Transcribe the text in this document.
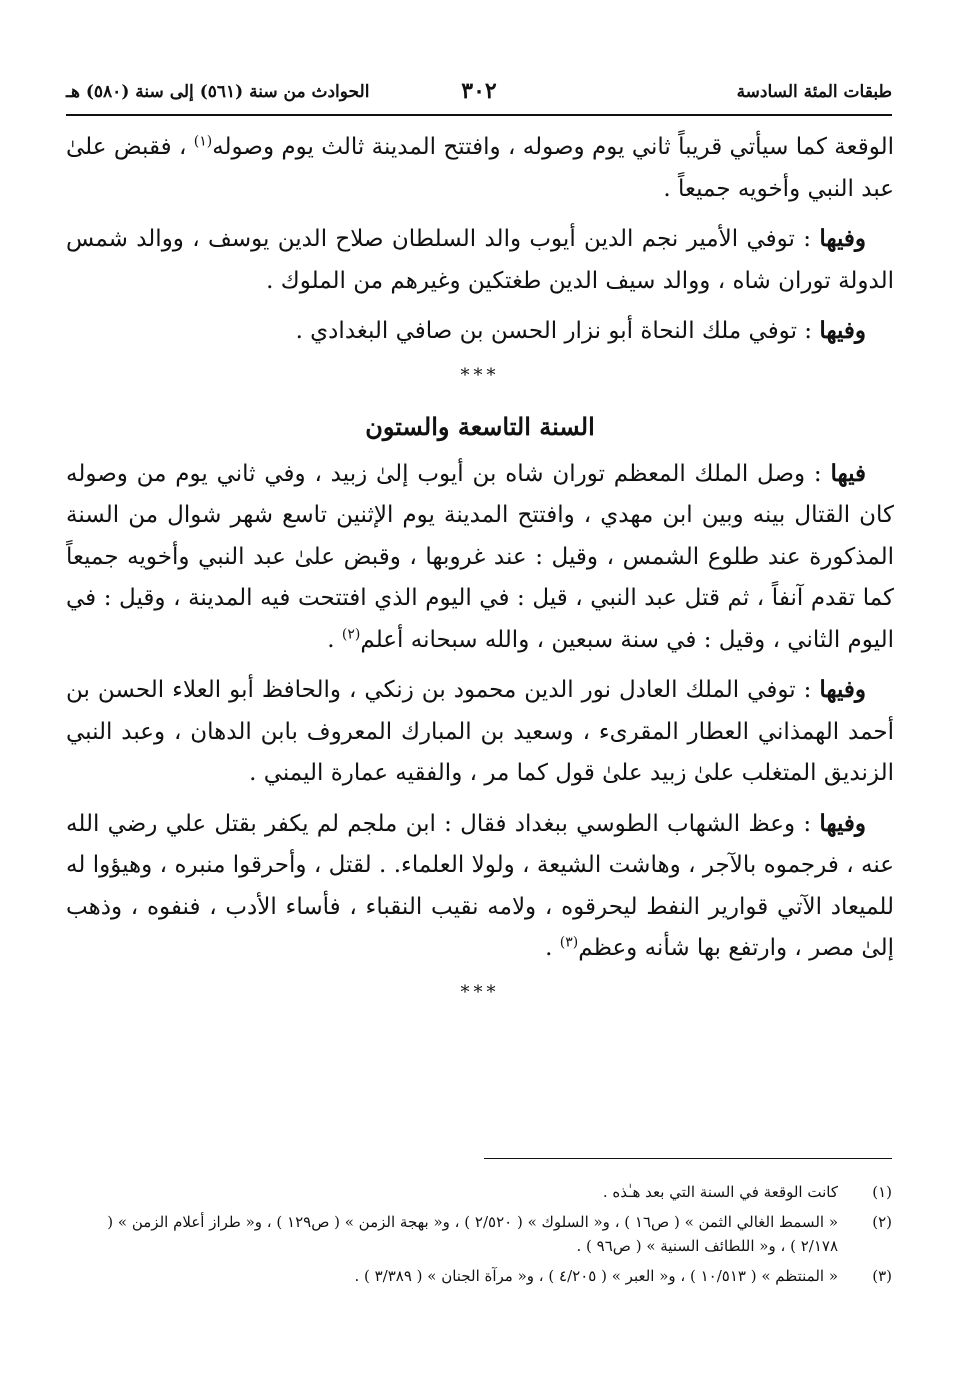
طبقات المئة السادسة
٣٠٢
الحوادث من سنة (٥٦١) إلى سنة (٥٨٠) هـ

الوقعة كما سيأتي قريباً ثاني يوم وصوله ، وافتتح المدينة ثالث يوم وصوله$^{(١)}$ ، فقبض علىٰ عبد النبي وأخويه جميعاً .

وفيها : توفي الأمير نجم الدين أيوب والد السلطان صلاح الدين يوسف ، ووالد شمس الدولة توران شاه ، ووالد سيف الدين طغتكين وغيرهم من الملوك .

وفيها : توفي ملك النحاة أبو نزار الحسن بن صافي البغدادي .

***
السنة التاسعة والستون

فيها : وصل الملك المعظم توران شاه بن أيوب إلىٰ زبيد ، وفي ثاني يوم من وصوله كان القتال بينه وبين ابن مهدي ، وافتتح المدينة يوم الإثنين تاسع شهر شوال من السنة المذكورة عند طلوع الشمس ، وقيل : عند غروبها ، وقبض علىٰ عبد النبي وأخويه جميعاً كما تقدم آنفاً ، ثم قتل عبد النبي ، قيل : في اليوم الذي افتتحت فيه المدينة ، وقيل : في اليوم الثاني ، وقيل : في سنة سبعين ، والله سبحانه أعلم$^{(٢)}$ .

وفيها : توفي الملك العادل نور الدين محمود بن زنكي ، والحافظ أبو العلاء الحسن بن أحمد الهمذاني العطار المقرىء ، وسعيد بن المبارك المعروف بابن الدهان ، وعبد النبي الزنديق المتغلب علىٰ زبيد علىٰ قول كما مر ، والفقيه عمارة اليمني .

وفيها : وعظ الشهاب الطوسي ببغداد فقال : ابن ملجم لم يكفر بقتل علي رضي الله عنه ، فرجموه بالآجر ، وهاشت الشيعة ، ولولا العلماء. . لقتل ، وأحرقوا منبره ، وهيؤوا له للميعاد الآتي قوارير النفط ليحرقوه ، ولامه نقيب النقباء ، فأساء الأدب ، فنفوه ، وذهب إلىٰ مصر ، وارتفع بها شأنه وعظم$^{(٣)}$ .

***
(١)
كانت الوقعة في السنة التي بعد هـٰذه .
(٢)
« السمط الغالي الثمن » ( ص١٦ ) ، و« السلوك » ( ٢/٥٢٠ ) ، و« بهجة الزمن » ( ص١٢٩ ) ، و« طراز أعلام الزمن » ( ٢/١٧٨ ) ، و« اللطائف السنية » ( ص٩٦ ) .
(٣)
« المنتظم » ( ١٠/٥١٣ ) ، و« العبر » ( ٤/٢٠٥ ) ، و« مرآة الجنان » ( ٣/٣٨٩ ) .
